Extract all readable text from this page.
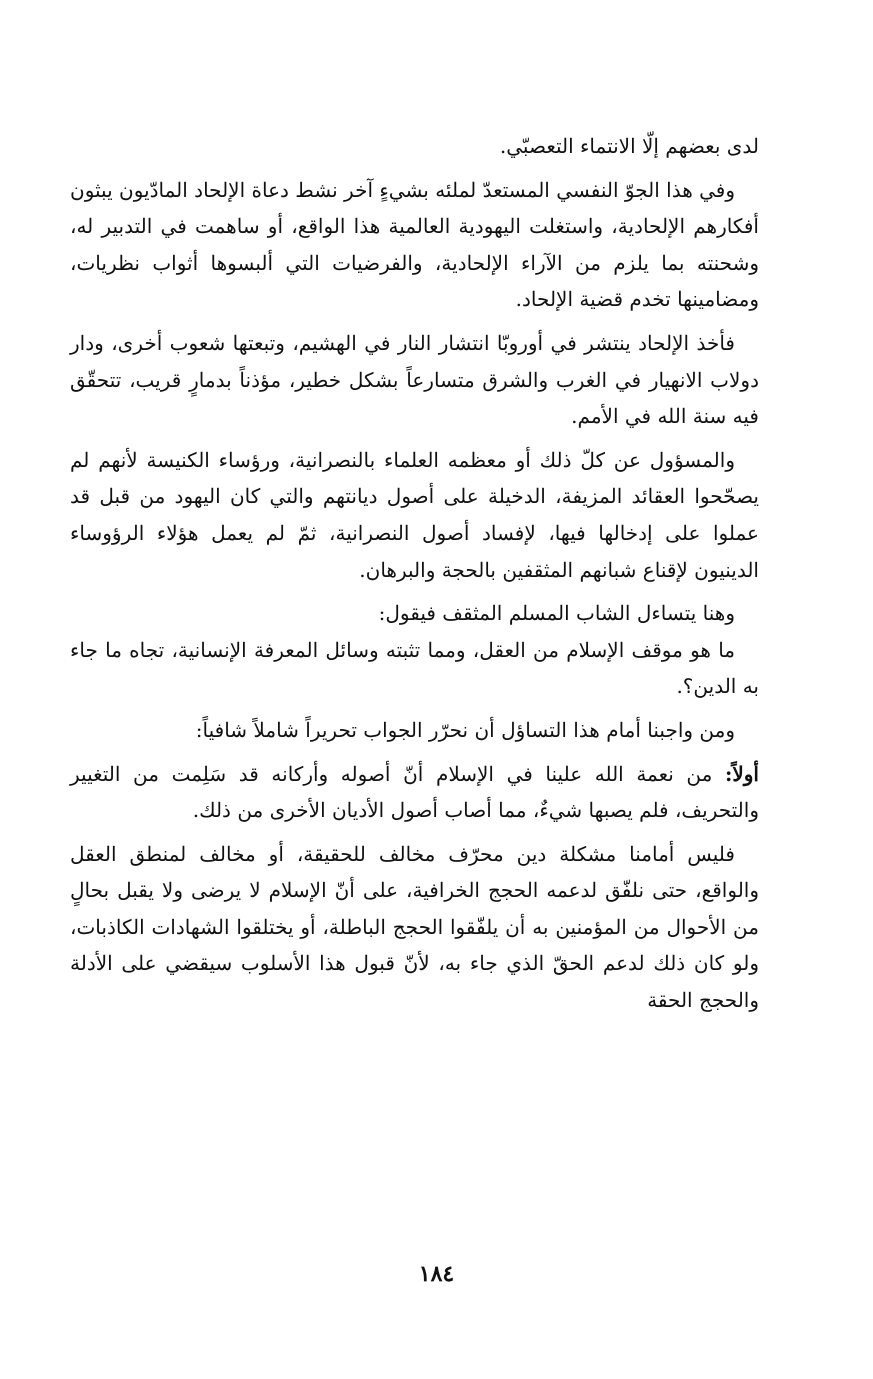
لدى بعضهم إلّا الانتماء التعصبّي.

وفي هذا الجوّ النفسي المستعدّ لملئه بشيءٍ آخر نشط دعاة الإلحاد المادّيون يبثون أفكارهم الإلحادية، واستغلت اليهودية العالمية هذا الواقع، أو ساهمت في التدبير له، وشحنته بما يلزم من الآراء الإلحادية، والفرضيات التي ألبسوها أثواب نظريات، ومضامينها تخدم قضية الإلحاد.

فأخذ الإلحاد ينتشر في أوروبّا انتشار النار في الهشيم، وتبعتها شعوب أخرى، ودار دولاب الانهيار في الغرب والشرق متسارعاً بشكل خطير، مؤذناً بدمارٍ قريب، تتحقّق فيه سنة الله في الأمم.

والمسؤول عن كلّ ذلك أو معظمه العلماء بالنصرانية، ورؤساء الكنيسة لأنهم لم يصحّحوا العقائد المزيفة، الدخيلة على أصول ديانتهم والتي كان اليهود من قبل قد عملوا على إدخالها فيها، لإفساد أصول النصرانية، ثمّ لم يعمل هؤلاء الرؤوساء الدينيون لإقناع شبانهم المثقفين بالحجة والبرهان.

وهنا يتساءل الشاب المسلم المثقف فيقول:

ما هو موقف الإسلام من العقل، ومما تثبته وسائل المعرفة الإنسانية، تجاه ما جاء به الدين؟.

ومن واجبنا أمام هذا التساؤل أن نحرّر الجواب تحريراً شاملاً شافياً:

أولاً: من نعمة الله علينا في الإسلام أنّ أصوله وأركانه قد سَلِمت من التغيير والتحريف، فلم يصبها شيءٌ، مما أصاب أصول الأديان الأخرى من ذلك.

فليس أمامنا مشكلة دين محرّف مخالف للحقيقة، أو مخالف لمنطق العقل والواقع، حتى نلفّق لدعمه الحجج الخرافية، على أنّ الإسلام لا يرضى ولا يقبل بحالٍ من الأحوال من المؤمنين به أن يلفّقوا الحجج الباطلة، أو يختلقوا الشهادات الكاذبات، ولو كان ذلك لدعم الحقّ الذي جاء به، لأنّ قبول هذا الأسلوب سيقضي على الأدلة والحجج الحقة

١٨٤
